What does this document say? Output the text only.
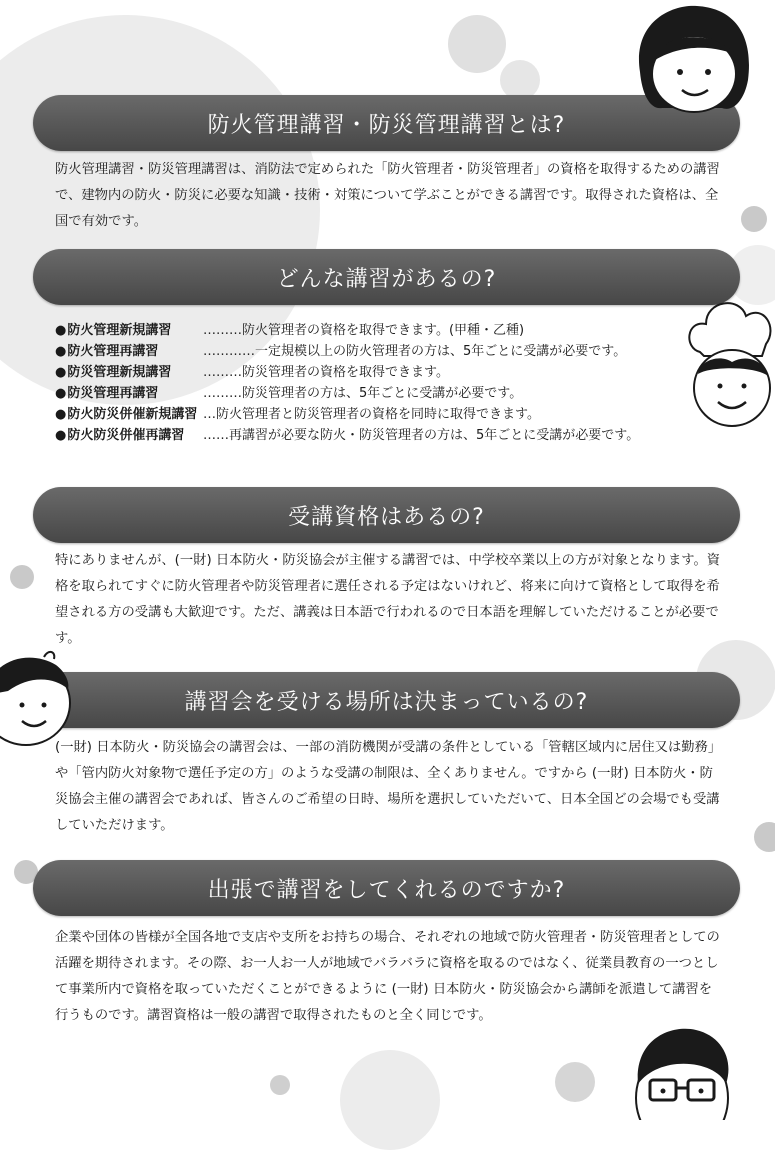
防火管理講習・防災管理講習とは?

防火管理講習・防災管理講習は、消防法で定められた「防火管理者・防災管理者」の資格を取得するための講習で、建物内の防火・防災に必要な知識・技術・対策について学ぶことができる講習です。取得された資格は、全国で有効です。

どんな講習があるの?
● 防火管理新規講習	……… 防火管理者の資格を取得できます。(甲種・乙種)
● 防火管理再講習	………… 一定規模以上の防火管理者の方は、5年ごとに受講が必要です。
● 防災管理新規講習	……… 防災管理者の資格を取得できます。
● 防災管理再講習	……… 防災管理者の方は、5年ごとに受講が必要です。
● 防火防災併催新規講習 … 防火管理者と防災管理者の資格を同時に取得できます。
● 防火防災併催再講習	…… 再講習が必要な防火・防災管理者の方は、5年ごとに受講が必要です。
受講資格はあるの?

特にありませんが、(一財) 日本防火・防災協会が主催する講習では、中学校卒業以上の方が対象となります。資格を取られてすぐに防火管理者や防災管理者に選任される予定はないけれど、将来に向けて資格として取得を希望される方の受講も大歓迎です。ただ、講義は日本語で行われるので日本語を理解していただけることが必要です。

講習会を受ける場所は決まっているの?

(一財) 日本防火・防災協会の講習会は、一部の消防機関が受講の条件としている「管轄区域内に居住又は勤務」や「管内防火対象物で選任予定の方」のような受講の制限は、全くありません。ですから (一財) 日本防火・防災協会主催の講習会であれば、皆さんのご希望の日時、場所を選択していただいて、日本全国どの会場でも受講していただけます。

出張で講習をしてくれるのですか?

企業や団体の皆様が全国各地で支店や支所をお持ちの場合、それぞれの地域で防火管理者・防災管理者としての活躍を期待されます。その際、お一人お一人が地域でバラバラに資格を取るのではなく、従業員教育の一つとして事業所内で資格を取っていただくことができるように (一財) 日本防火・防災協会から講師を派遣して講習を行うものです。講習資格は一般の講習で取得されたものと全く同じです。
